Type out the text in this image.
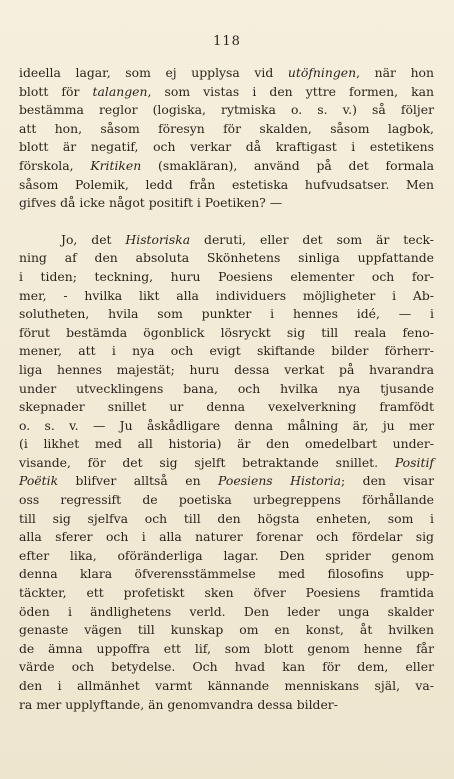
118
ideella lagar, som ej upplysa vid utöfningen, när hon
blott för talangen, som vistas i den yttre formen, kan
bestämma reglor (logiska, rytmiska o. s. v.) så följer
att hon, såsom föresyn för skalden, såsom lagbok,
blott är negatif, och verkar då kraftigast i estetikens
förskola, Kritiken (smakläran), använd på det formala
såsom Polemik, ledd från estetiska hufvudsatser. Men
gifves då icke något positift i Poetiken? —
Jo, det Historiska deruti, eller det som är teck-
ning af den absoluta Skönhetens sinliga uppfattande
i tiden; teckning, huru Poesiens elementer och for-
mer, - hvilka likt alla individuers möjligheter i Ab-
solutheten, hvila som punkter i hennes idé, — i
förut bestämda ögonblick lösryckt sig till reala feno-
mener, att i nya och evigt skiftande bilder förherr-
liga hennes majestät; huru dessa verkat på hvarandra
under utvecklingens bana, och hvilka nya tjusande
skepnader snillet ur denna vexelverkning framfödt
o. s. v. — Ju åskådligare denna målning är, ju mer
(i likhet med all historia) är den omedelbart under-
visande, för det sig sjelft betraktande snillet. Positif
Poëtik blifver alltså en Poesiens Historia; den visar
oss regressift de poetiska urbegreppens förhållande
till sig sjelfva och till den högsta enheten, som i
alla sferer och i alla naturer forenar och fördelar sig
efter lika, oföränderliga lagar. Den sprider genom
denna klara öfverensstämmelse med filosofins upp-
täckter, ett profetiskt sken öfver Poesiens framtida
öden i ändlighetens verld. Den leder unga skalder
genaste vägen till kunskap om en konst, åt hvilken
de ämna uppoffra ett lif, som blott genom henne får
värde och betydelse. Och hvad kan för dem, eller
den i allmänhet varmt kännande menniskans själ, va-
ra mer upplyftande, än genomvandra dessa bilder-
